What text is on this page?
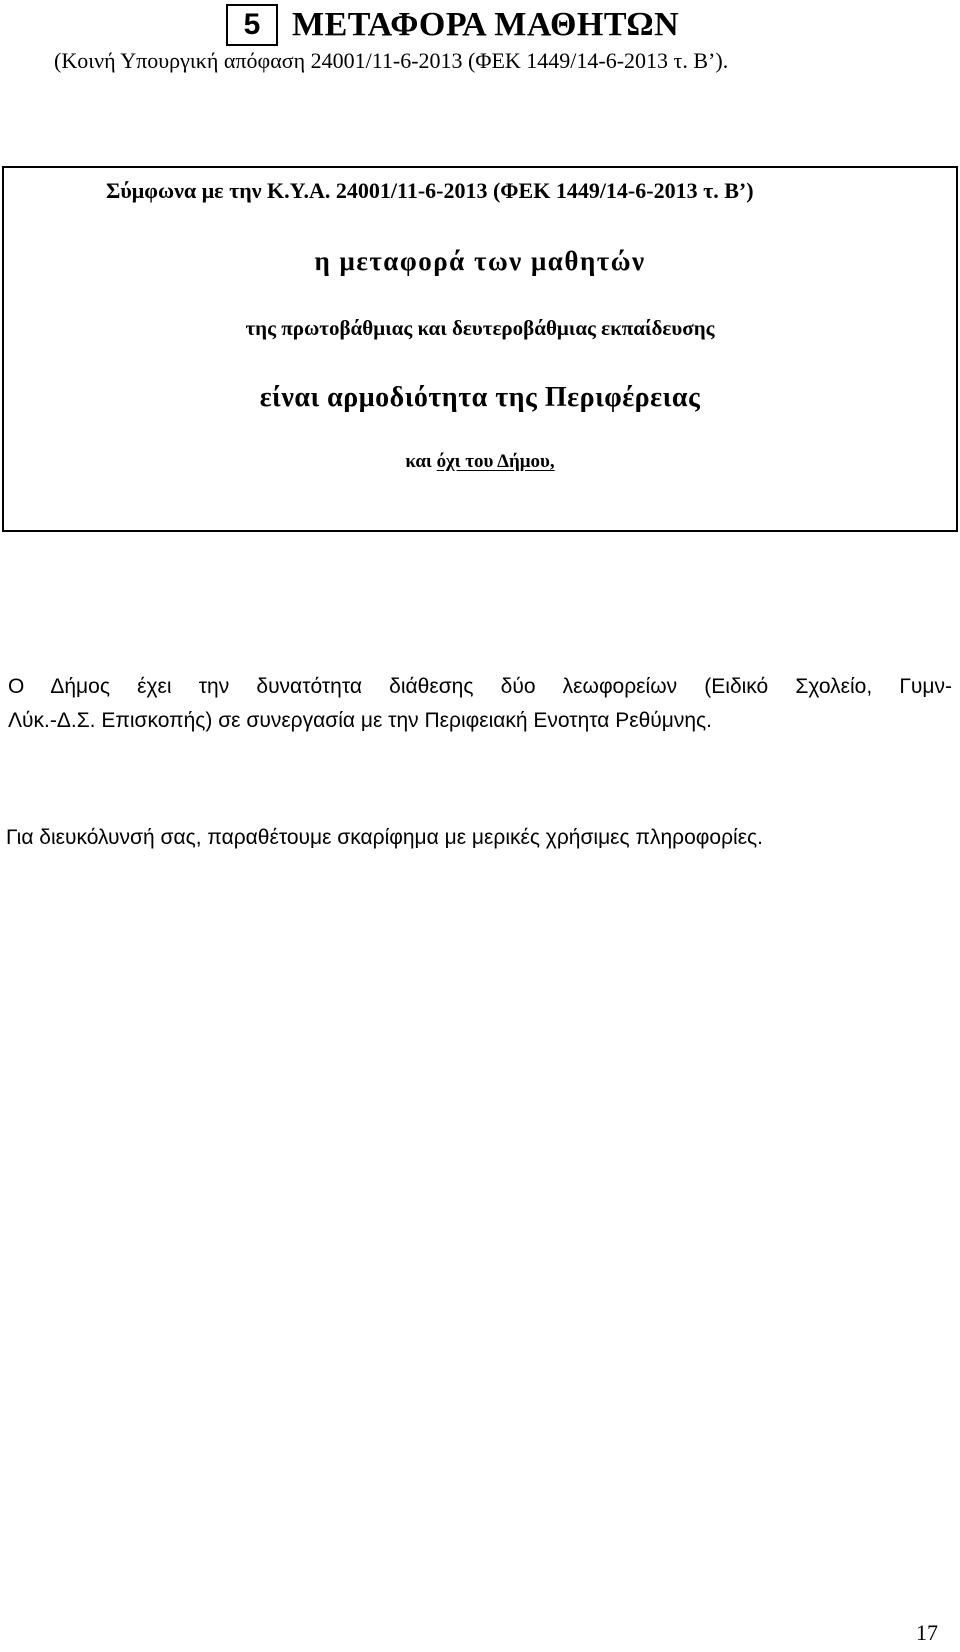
5 ΜΕΤΑΦΟΡΑ ΜΑΘΗΤΩΝ
(Κοινή Υπουργική απόφαση 24001/11-6-2013 (ΦΕΚ 1449/14-6-2013 τ. Β’).
Σύμφωνα με την Κ.Υ.Α. 24001/11-6-2013 (ΦΕΚ 1449/14-6-2013 τ. Β’)
η μεταφορά των μαθητών
της πρωτοβάθμιας και δευτεροβάθμιας εκπαίδευσης
είναι αρμοδιότητα της Περιφέρειας
και όχι του Δήμου,
Ο Δήμος έχει την δυνατότητα διάθεσης δύο λεωφορείων (Ειδικό Σχολείο, Γυμν-
Λύκ.-Δ.Σ. Επισκοπής) σε συνεργασία με την Περιφειακή Ενοτητα Ρεθύμνης.
Για διευκόλυνσή σας, παραθέτουμε σκαρίφημα με μερικές χρήσιμες πληροφορίες.
17
